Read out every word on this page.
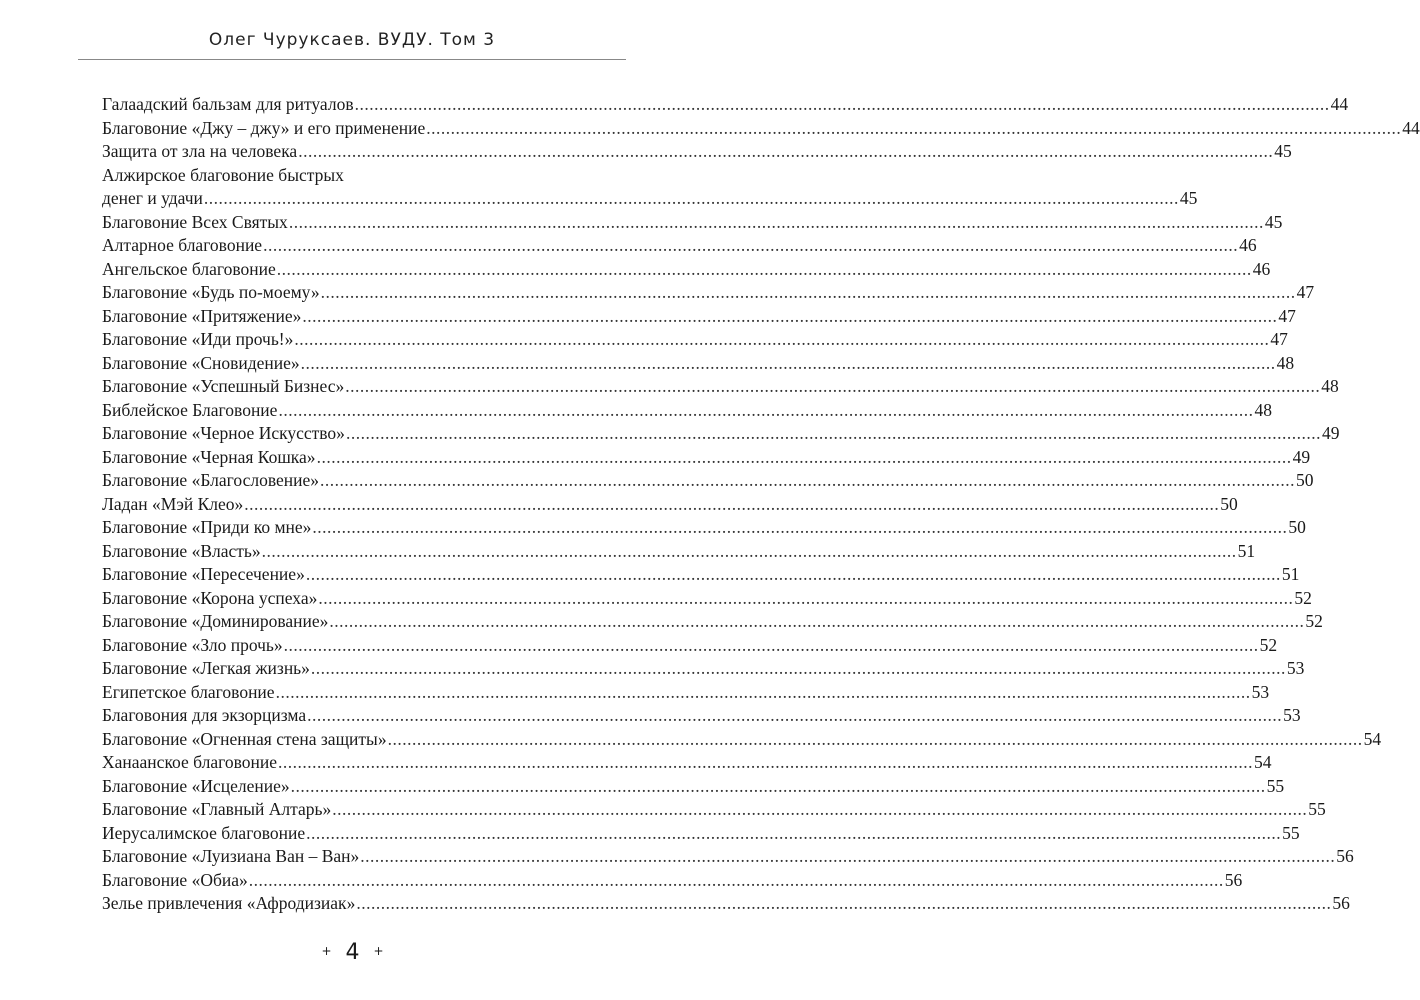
Олег Чуруксаев. ВУДУ. Том 3
Галаадский бальзам для ритуалов ........................................................................................................................................................................................................ 44
Благовоние «Джу – джу» и его применение ........................................................................................................................................................................................................ 44
Защита от зла на человека ........................................................................................................................................................................................................ 45
Алжирское благовоние быстрых
денег и удачи ........................................................................................................................................................................................................ 45
Благовоние Всех Святых ........................................................................................................................................................................................................ 45
Алтарное благовоние ........................................................................................................................................................................................................ 46
Ангельское благовоние ........................................................................................................................................................................................................ 46
Благовоние «Будь по-моему» ........................................................................................................................................................................................................ 47
Благовоние «Притяжение» ........................................................................................................................................................................................................ 47
Благовоние «Иди прочь!» ........................................................................................................................................................................................................ 47
Благовоние «Сновидение» ........................................................................................................................................................................................................ 48
Благовоние «Успешный Бизнес» ........................................................................................................................................................................................................ 48
Библейское Благовоние ........................................................................................................................................................................................................ 48
Благовоние «Черное Искусство» ........................................................................................................................................................................................................ 49
Благовоние «Черная Кошка» ........................................................................................................................................................................................................ 49
Благовоние «Благословение» ........................................................................................................................................................................................................ 50
Ладан «Мэй Клео» ........................................................................................................................................................................................................ 50
Благовоние «Приди ко мне» ........................................................................................................................................................................................................ 50
Благовоние «Власть» ........................................................................................................................................................................................................ 51
Благовоние «Пересечение» ........................................................................................................................................................................................................ 51
Благовоние «Корона успеха» ........................................................................................................................................................................................................ 52
Благовоние «Доминирование» ........................................................................................................................................................................................................ 52
Благовоние «Зло прочь» ........................................................................................................................................................................................................ 52
Благовоние «Легкая жизнь» ........................................................................................................................................................................................................ 53
Египетское благовоние ........................................................................................................................................................................................................ 53
Благовония для экзорцизма ........................................................................................................................................................................................................ 53
Благовоние «Огненная стена защиты» ........................................................................................................................................................................................................ 54
Ханаанское благовоние ........................................................................................................................................................................................................ 54
Благовоние «Исцеление» ........................................................................................................................................................................................................ 55
Благовоние «Главный Алтарь» ........................................................................................................................................................................................................ 55
Иерусалимское благовоние ........................................................................................................................................................................................................ 55
Благовоние «Луизиана Ван – Ван» ........................................................................................................................................................................................................ 56
Благовоние «Обиа» ........................................................................................................................................................................................................ 56
Зелье привлечения «Афродизиак» ........................................................................................................................................................................................................ 56
+ 4 +
